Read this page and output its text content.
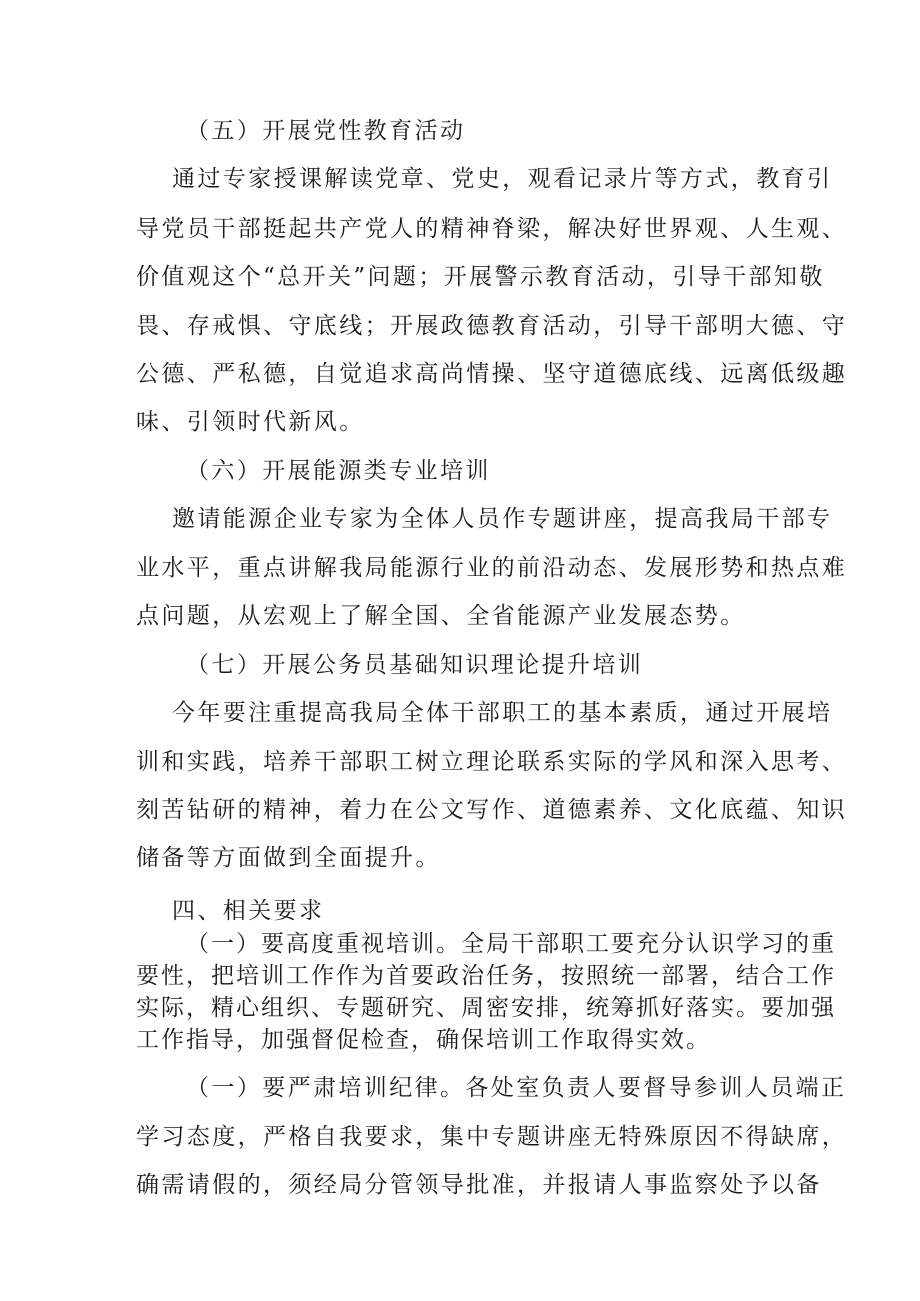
（五）开展党性教育活动
通过专家授课解读党章、党史，观看记录片等方式，教育引
导党员干部挺起共产党人的精神脊梁，解决好世界观、人生观、
价值观这个“总开关”问题；开展警示教育活动，引导干部知敬
畏、存戒惧、守底线；开展政德教育活动，引导干部明大德、守
公德、严私德，自觉追求高尚情操、坚守道德底线、远离低级趣
味、引领时代新风。
（六）开展能源类专业培训
邀请能源企业专家为全体人员作专题讲座，提高我局干部专
业水平，重点讲解我局能源行业的前沿动态、发展形势和热点难
点问题，从宏观上了解全国、全省能源产业发展态势。
（七）开展公务员基础知识理论提升培训
今年要注重提高我局全体干部职工的基本素质，通过开展培
训和实践，培养干部职工树立理论联系实际的学风和深入思考、
刻苦钻研的精神，着力在公文写作、道德素养、文化底蕴、知识
储备等方面做到全面提升。
四、相关要求
（一）要高度重视培训。全局干部职工要充分认识学习的重
要性，把培训工作作为首要政治任务，按照统一部署，结合工作
实际，精心组织、专题研究、周密安排，统筹抓好落实。要加强
工作指导，加强督促检查，确保培训工作取得实效。
（一）要严肃培训纪律。各处室负责人要督导参训人员端正
学习态度，严格自我要求，集中专题讲座无特殊原因不得缺席，
确需请假的，须经局分管领导批准，并报请人事监察处予以备
